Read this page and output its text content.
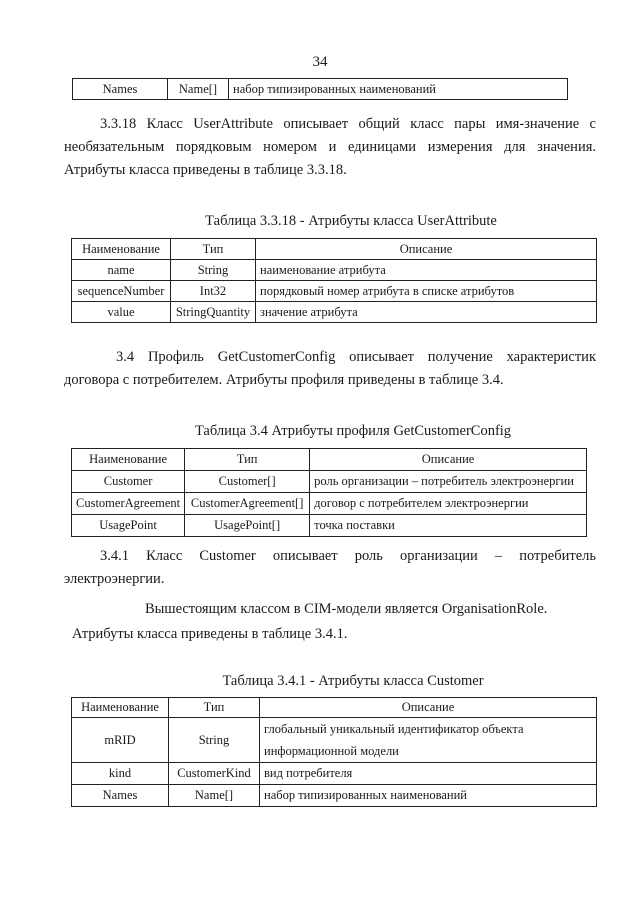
34
Names	Name[]	набор типизированных наименований
3.3.18 Класс UserAttribute описывает общий класс пары имя-значение с
необязательным порядковым номером и единицами измерения для значения.
Атрибуты класса приведены в таблице 3.3.18.
Таблица 3.3.18 - Атрибуты класса UserAttribute
Наименование	Тип	Описание
name	String	наименование атрибута
sequenceNumber	Int32	порядковый номер атрибута в списке атрибутов
value	StringQuantity	значение атрибута
3.4 Профиль GetCustomerConfig описывает получение характеристик
договора с потребителем. Атрибуты профиля приведены в таблице 3.4.
Таблица 3.4 Атрибуты профиля GetCustomerConfig
Наименование	Тип	Описание
Customer	Customer[]	роль организации – потребитель электроэнергии
CustomerAgreement	CustomerAgreement[]	договор с потребителем электроэнергии
UsagePoint	UsagePoint[]	точка поставки
3.4.1 Класс Customer описывает роль организации – потребитель
электроэнергии.
Вышестоящим классом в CIM-модели является OrganisationRole.
Атрибуты класса приведены в таблице 3.4.1.
Таблица 3.4.1 - Атрибуты класса Customer
Наименование	Тип	Описание
mRID	String	глобальный уникальный идентификатор объекта
информационной модели

kind	CustomerKind	вид потребителя
Names	Name[]	набор типизированных наименований
